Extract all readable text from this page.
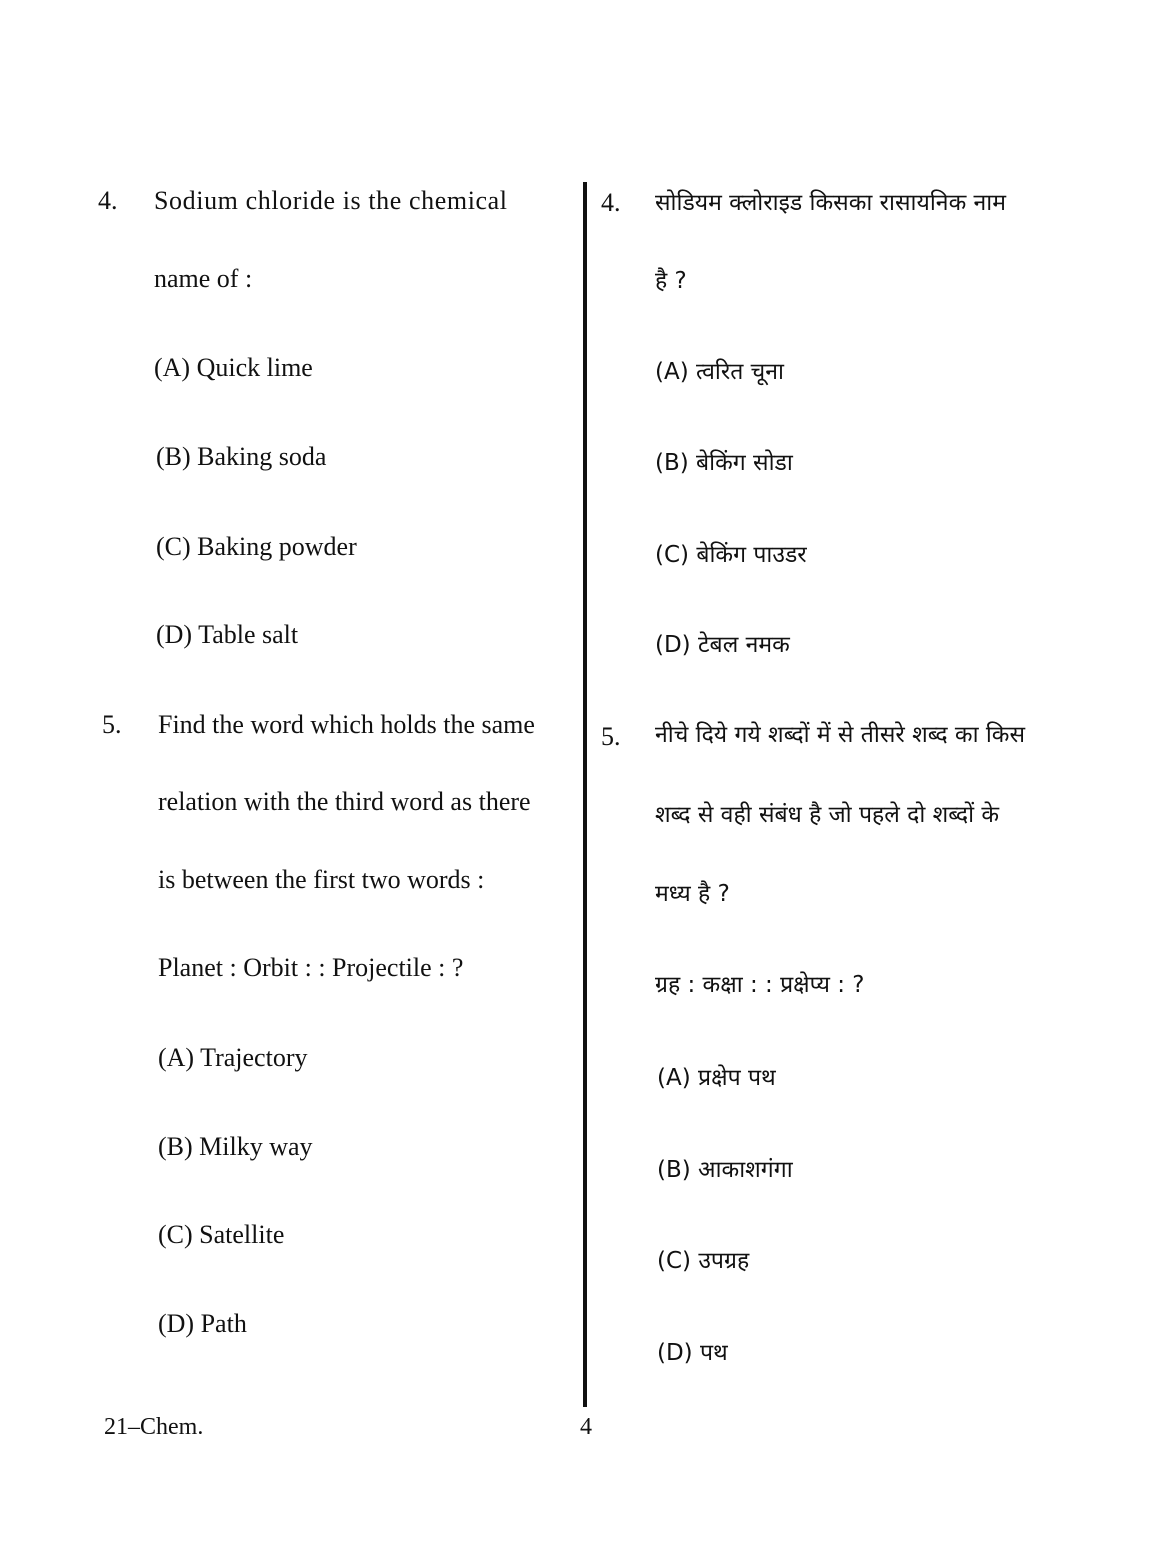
4. Sodium chloride is the chemical
name of :
(A) Quick lime
(B) Baking soda
(C) Baking powder
(D) Table salt
5. Find the word which holds the same
relation with the third word as there
is between the first two words :
Planet : Orbit : : Projectile : ?
(A) Trajectory
(B) Milky way
(C) Satellite
(D) Path
4. सोडियम क्लोराइड किसका रासायनिक नाम
है ?
(A) त्वरित चूना
(B) बेकिंग सोडा
(C) बेकिंग पाउडर
(D) टेबल नमक
5. नीचे दिये गये शब्दों में से तीसरे शब्द का किस
शब्द से वही संबंध है जो पहले दो शब्दों के
मध्य है ?
ग्रह : कक्षा : : प्रक्षेप्य : ?
(A) प्रक्षेप पथ
(B) आकाशगंगा
(C) उपग्रह
(D) पथ
21–Chem.	4
